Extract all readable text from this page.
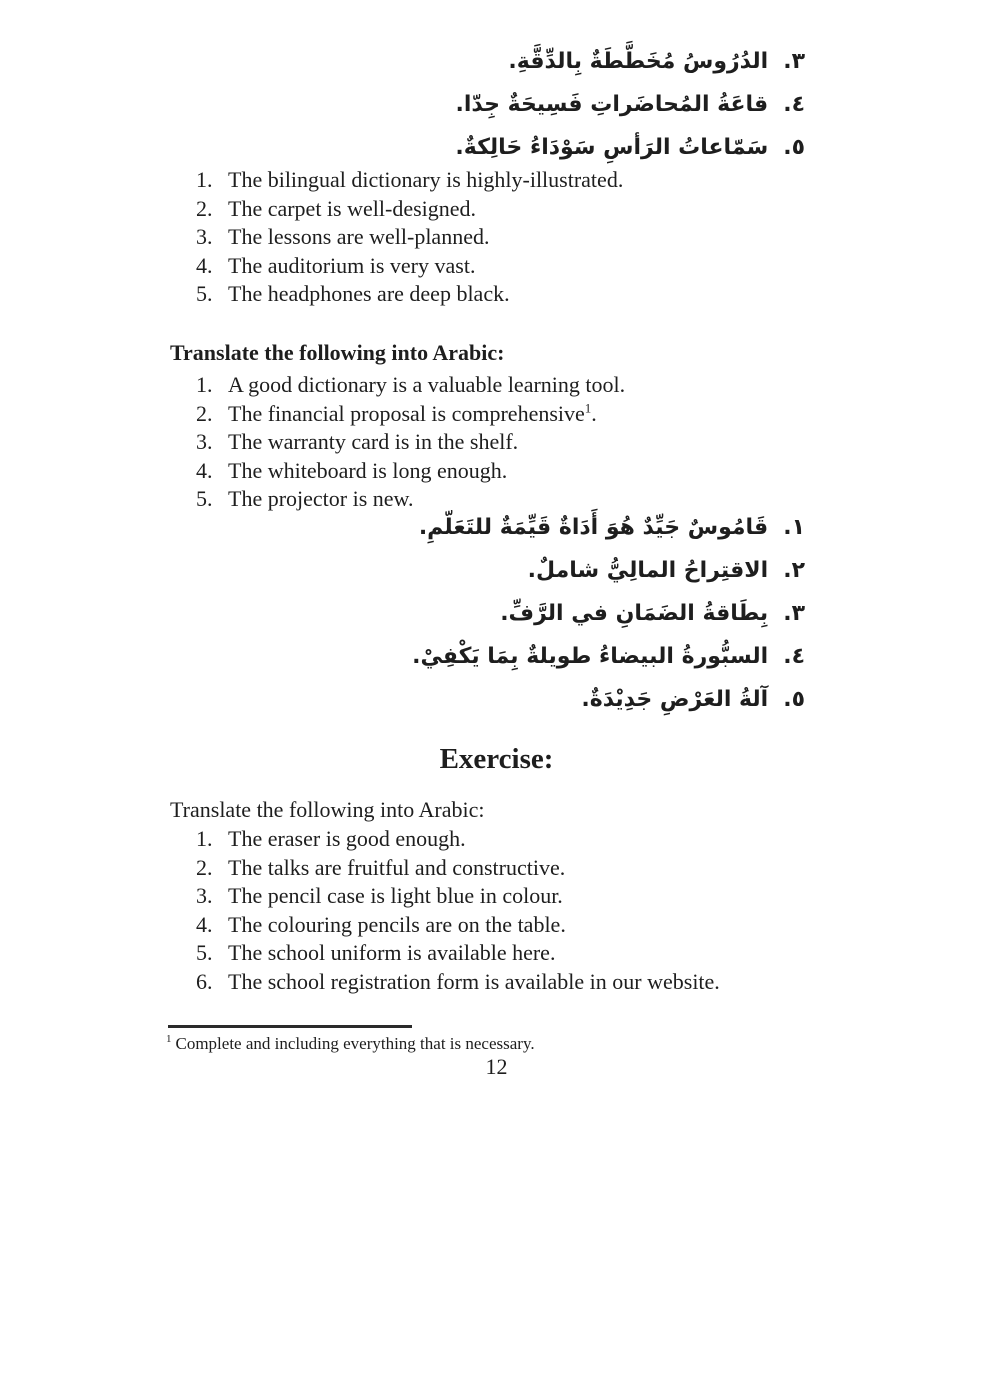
٣.الدُرُوسُ مُخَطَّطَةٌ بِالدِّقَّةِ.
٤.قاعَةُ المُحاضَراتِ فَسِيحَةٌ جِدّا.
٥.سَمّاعاتُ الرَأسِ سَوْدَاءُ حَالِكةٌ.
1. The bilingual dictionary is highly-illustrated.
2. The carpet is well-designed.
3. The lessons are well-planned.
4. The auditorium is very vast.
5. The headphones are deep black.
Translate the following into Arabic:
1. A good dictionary is a valuable learning tool.
2. The financial proposal is comprehensive$^1$.
3. The warranty card is in the shelf.
4. The whiteboard is long enough.
5. The projector is new.
١.قَامُوسٌ جَيِّدٌ هُوَ أَدَاةٌ قَيِّمَةٌ للتَعَلّمِ.
٢.الاقتِراحُ المالِيُّ شاملٌ.
٣.بِطَاقةُ الضَمَانِ في الرَّفِّ.
٤.السبُّورةُ البيضاءُ طويلةٌ بِمَا يَكْفِيْ.
٥.آلةُ العَرْضِ جَدِيْدَةٌ.
Exercise:
Translate the following into Arabic:
1. The eraser is good enough.
2. The talks are fruitful and constructive.
3. The pencil case is light blue in colour.
4. The colouring pencils are on the table.
5. The school uniform is available here.
6. The school registration form is available in our website.
$^1$ Complete and including everything that is necessary.
12
